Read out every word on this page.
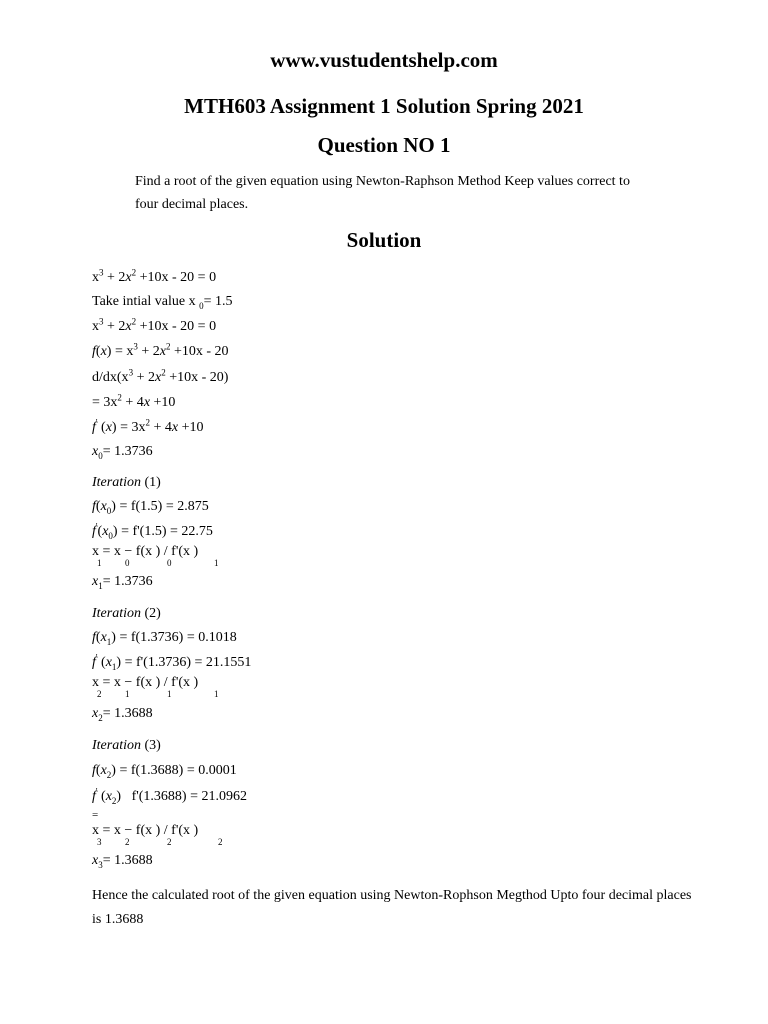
www.vustudentshelp.com
MTH603 Assignment 1 Solution Spring 2021
Question NO 1
Find a root of the given equation using Newton-Raphson Method Keep values correct to four decimal places.
Solution
$x^3 + 2x^2 +10x - 20 = 0$
Take intial value x $_0$= 1.5
$x^3 + 2x^2 +10x - 20 = 0$
$f(x) = x^3 + 2x^2 +10x - 20$
$d/dx(x^3 + 2x^2 +10x - 20)$
= $3x^2 + 4x +10$
f' $(x) = 3x^2 + 4x +10$
$x_0= 1.3736$
Iteration (1)
$f(x_0) = f(1.5) = 2.875$
$f'(x_0) = f'(1.5) = 22.75$
x = x − f(x ) / f'(x )
1	0	0	1
$x_1= 1.3736$
Iteration (2)
$f(x_1) = f(1.3736) = 0.1018$
f' $(x_1) = f'(1.3736) = 21.1551$
x = x − f(x ) / f'(x )
2	1	1	1
$x_2= 1.3688$
Iteration (3)
$f(x_2) = f(1.3688) = 0.0001$
f' $(x_2) f'(1.3688) = 21.0962$
=
x = x − f(x ) / f'(x )
3	2	2	2
$x_3= 1.3688$
Hence the calculated root of the given equation using Newton-Rophson Megthod Upto four decimal places is 1.3688
